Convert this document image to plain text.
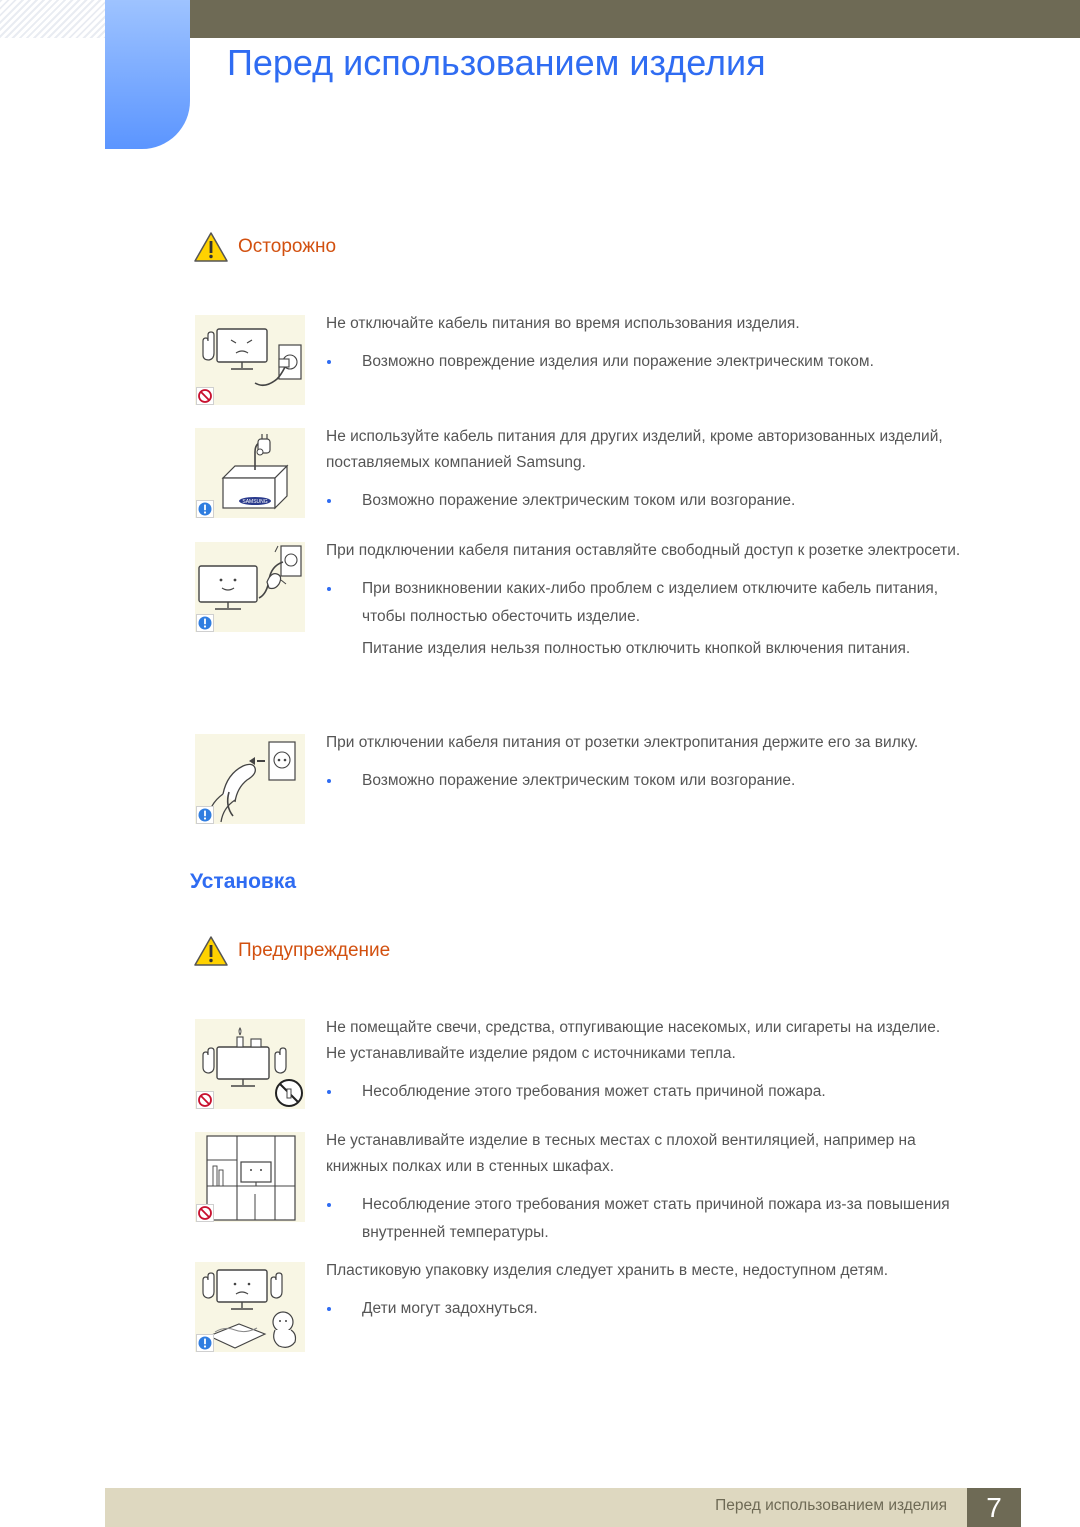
Перед использованием изделия
Осторожно

Не отключайте кабель питания во время использования изделия.

Возможно повреждение изделия или поражение электрическим током.

SAMSUNG

Не используйте кабель питания для других изделий, кроме авторизованных изделий, поставляемых компанией Samsung.

Возможно поражение электрическим током или возгорание.

При подключении кабеля питания оставляйте свободный доступ к розетке электросети.

При возникновении каких-либо проблем с изделием отключите кабель питания, чтобы полностью обесточить изделие.

Питание изделия нельзя полностью отключить кнопкой включения питания.

При отключении кабеля питания от розетки электропитания держите его за вилку.

Возможно поражение электрическим током или возгорание.

Установка
Предупреждение

Не помещайте свечи, средства, отпугивающие насекомых, или сигареты на изделие. Не устанавливайте изделие рядом с источниками тепла.

Несоблюдение этого требования может стать причиной пожара.

Не устанавливайте изделие в тесных местах с плохой вентиляцией, например на книжных полках или в стенных шкафах.

Несоблюдение этого требования может стать причиной пожара из-за повышения внутренней температуры.

Пластиковую упаковку изделия следует хранить в месте, недоступном детям.

Дети могут задохнуться.

Перед использованием изделия	7
